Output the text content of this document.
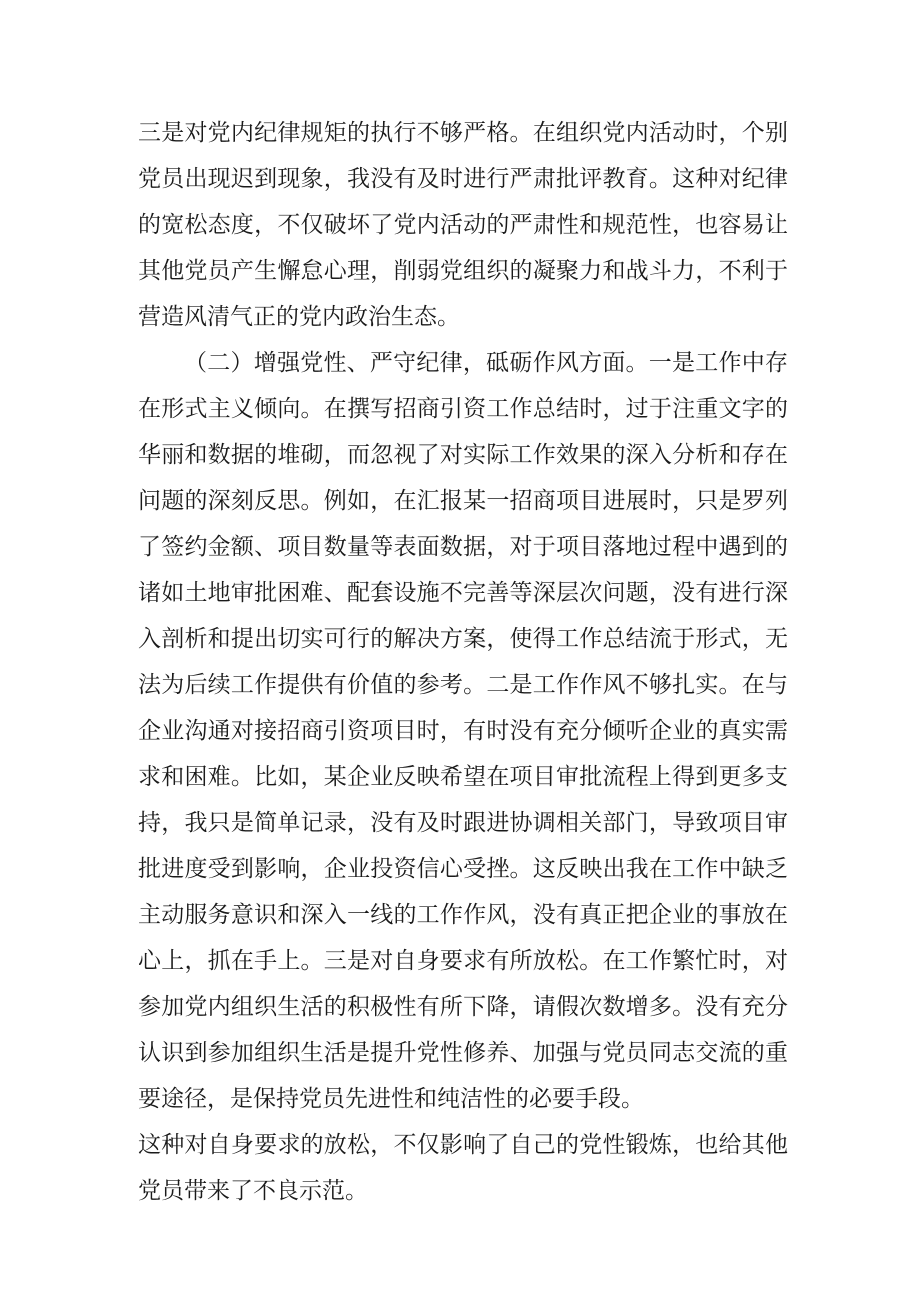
三是对党内纪律规矩的执行不够严格。在组织党内活动时，个别
党员出现迟到现象，我没有及时进行严肃批评教育。这种对纪律
的宽松态度，不仅破坏了党内活动的严肃性和规范性，也容易让
其他党员产生懈怠心理，削弱党组织的凝聚力和战斗力，不利于
营造风清气正的党内政治生态。
（二）增强党性、严守纪律，砥砺作风方面。一是工作中存
在形式主义倾向。在撰写招商引资工作总结时，过于注重文字的
华丽和数据的堆砌，而忽视了对实际工作效果的深入分析和存在
问题的深刻反思。例如，在汇报某一招商项目进展时，只是罗列
了签约金额、项目数量等表面数据，对于项目落地过程中遇到的
诸如土地审批困难、配套设施不完善等深层次问题，没有进行深
入剖析和提出切实可行的解决方案，使得工作总结流于形式，无
法为后续工作提供有价值的参考。二是工作作风不够扎实。在与
企业沟通对接招商引资项目时，有时没有充分倾听企业的真实需
求和困难。比如，某企业反映希望在项目审批流程上得到更多支
持，我只是简单记录，没有及时跟进协调相关部门，导致项目审
批进度受到影响，企业投资信心受挫。这反映出我在工作中缺乏
主动服务意识和深入一线的工作作风，没有真正把企业的事放在
心上，抓在手上。三是对自身要求有所放松。在工作繁忙时，对
参加党内组织生活的积极性有所下降，请假次数增多。没有充分
认识到参加组织生活是提升党性修养、加强与党员同志交流的重
要途径，是保持党员先进性和纯洁性的必要手段。
这种对自身要求的放松，不仅影响了自己的党性锻炼，也给其他
党员带来了不良示范。
